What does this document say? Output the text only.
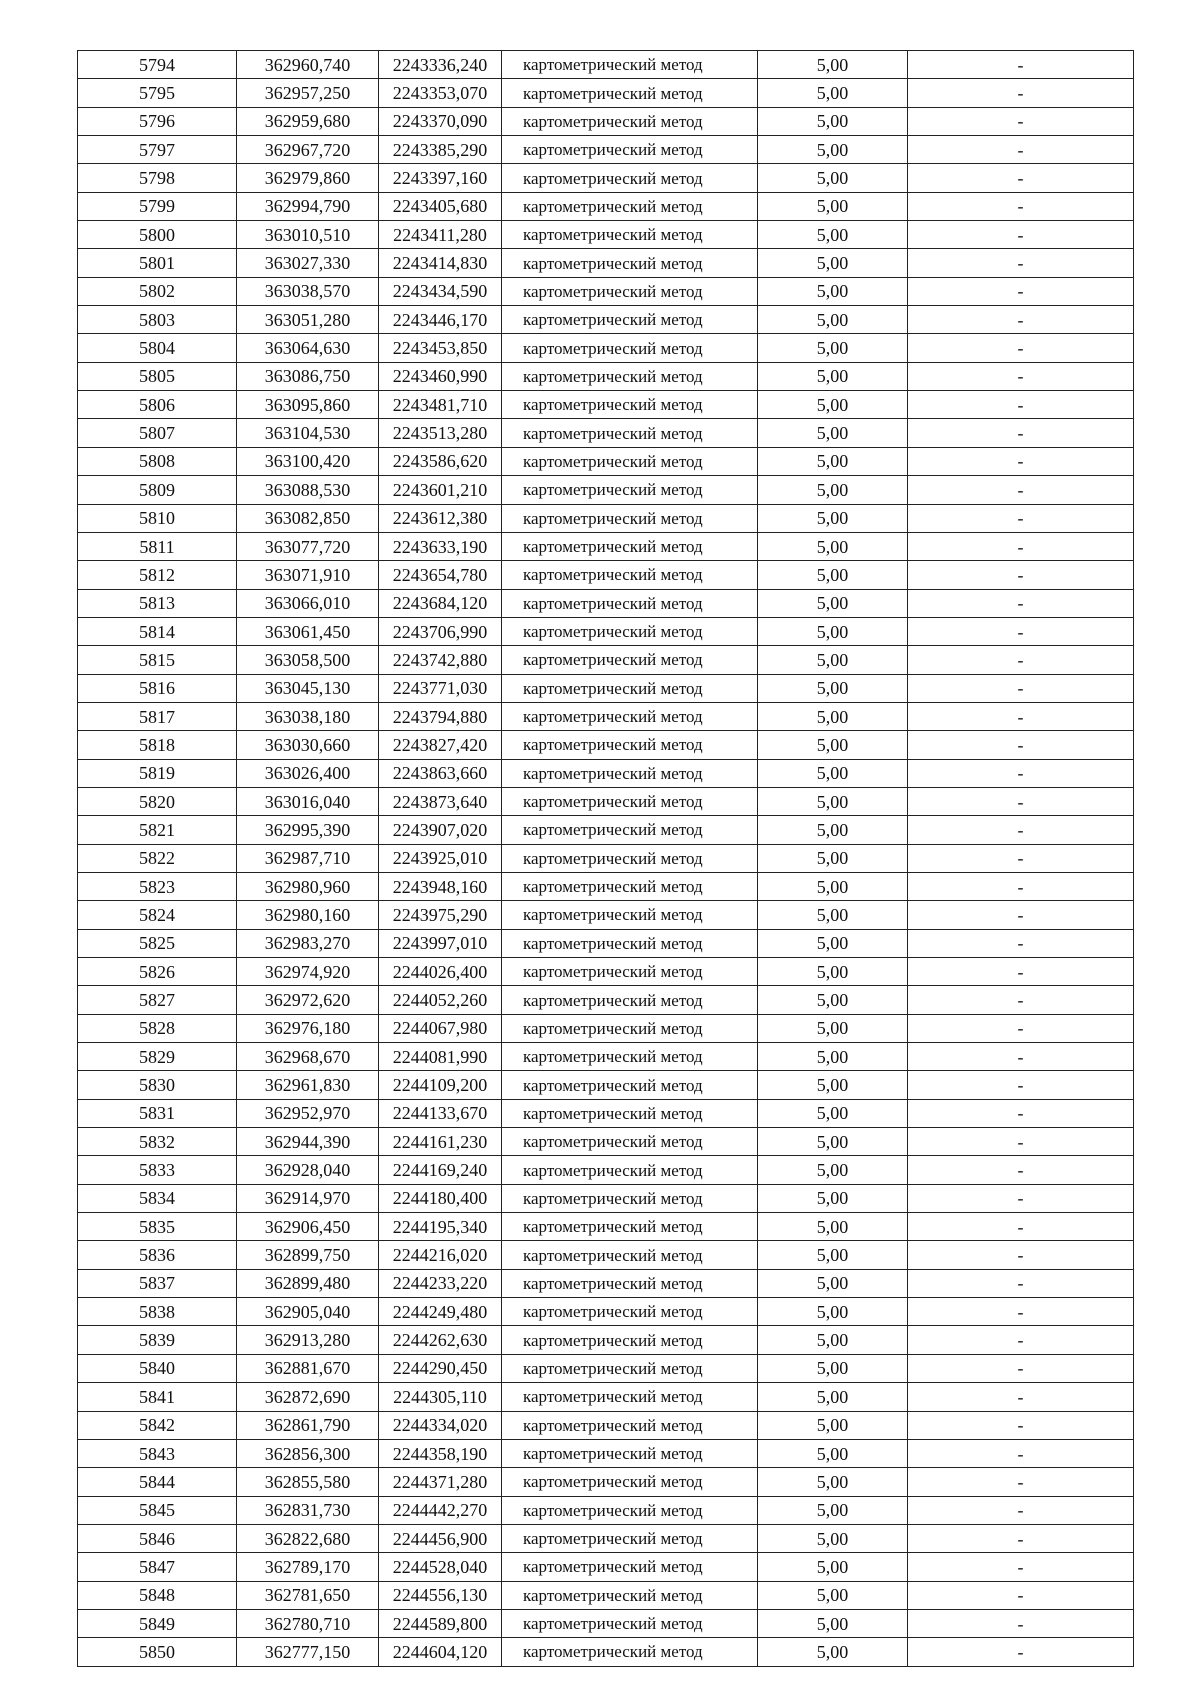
5794	362960,740	2243336,240	картометрический метод	5,00	-
5795	362957,250	2243353,070	картометрический метод	5,00	-
5796	362959,680	2243370,090	картометрический метод	5,00	-
5797	362967,720	2243385,290	картометрический метод	5,00	-
5798	362979,860	2243397,160	картометрический метод	5,00	-
5799	362994,790	2243405,680	картометрический метод	5,00	-
5800	363010,510	2243411,280	картометрический метод	5,00	-
5801	363027,330	2243414,830	картометрический метод	5,00	-
5802	363038,570	2243434,590	картометрический метод	5,00	-
5803	363051,280	2243446,170	картометрический метод	5,00	-
5804	363064,630	2243453,850	картометрический метод	5,00	-
5805	363086,750	2243460,990	картометрический метод	5,00	-
5806	363095,860	2243481,710	картометрический метод	5,00	-
5807	363104,530	2243513,280	картометрический метод	5,00	-
5808	363100,420	2243586,620	картометрический метод	5,00	-
5809	363088,530	2243601,210	картометрический метод	5,00	-
5810	363082,850	2243612,380	картометрический метод	5,00	-
5811	363077,720	2243633,190	картометрический метод	5,00	-
5812	363071,910	2243654,780	картометрический метод	5,00	-
5813	363066,010	2243684,120	картометрический метод	5,00	-
5814	363061,450	2243706,990	картометрический метод	5,00	-
5815	363058,500	2243742,880	картометрический метод	5,00	-
5816	363045,130	2243771,030	картометрический метод	5,00	-
5817	363038,180	2243794,880	картометрический метод	5,00	-
5818	363030,660	2243827,420	картометрический метод	5,00	-
5819	363026,400	2243863,660	картометрический метод	5,00	-
5820	363016,040	2243873,640	картометрический метод	5,00	-
5821	362995,390	2243907,020	картометрический метод	5,00	-
5822	362987,710	2243925,010	картометрический метод	5,00	-
5823	362980,960	2243948,160	картометрический метод	5,00	-
5824	362980,160	2243975,290	картометрический метод	5,00	-
5825	362983,270	2243997,010	картометрический метод	5,00	-
5826	362974,920	2244026,400	картометрический метод	5,00	-
5827	362972,620	2244052,260	картометрический метод	5,00	-
5828	362976,180	2244067,980	картометрический метод	5,00	-
5829	362968,670	2244081,990	картометрический метод	5,00	-
5830	362961,830	2244109,200	картометрический метод	5,00	-
5831	362952,970	2244133,670	картометрический метод	5,00	-
5832	362944,390	2244161,230	картометрический метод	5,00	-
5833	362928,040	2244169,240	картометрический метод	5,00	-
5834	362914,970	2244180,400	картометрический метод	5,00	-
5835	362906,450	2244195,340	картометрический метод	5,00	-
5836	362899,750	2244216,020	картометрический метод	5,00	-
5837	362899,480	2244233,220	картометрический метод	5,00	-
5838	362905,040	2244249,480	картометрический метод	5,00	-
5839	362913,280	2244262,630	картометрический метод	5,00	-
5840	362881,670	2244290,450	картометрический метод	5,00	-
5841	362872,690	2244305,110	картометрический метод	5,00	-
5842	362861,790	2244334,020	картометрический метод	5,00	-
5843	362856,300	2244358,190	картометрический метод	5,00	-
5844	362855,580	2244371,280	картометрический метод	5,00	-
5845	362831,730	2244442,270	картометрический метод	5,00	-
5846	362822,680	2244456,900	картометрический метод	5,00	-
5847	362789,170	2244528,040	картометрический метод	5,00	-
5848	362781,650	2244556,130	картометрический метод	5,00	-
5849	362780,710	2244589,800	картометрический метод	5,00	-
5850	362777,150	2244604,120	картометрический метод	5,00	-
